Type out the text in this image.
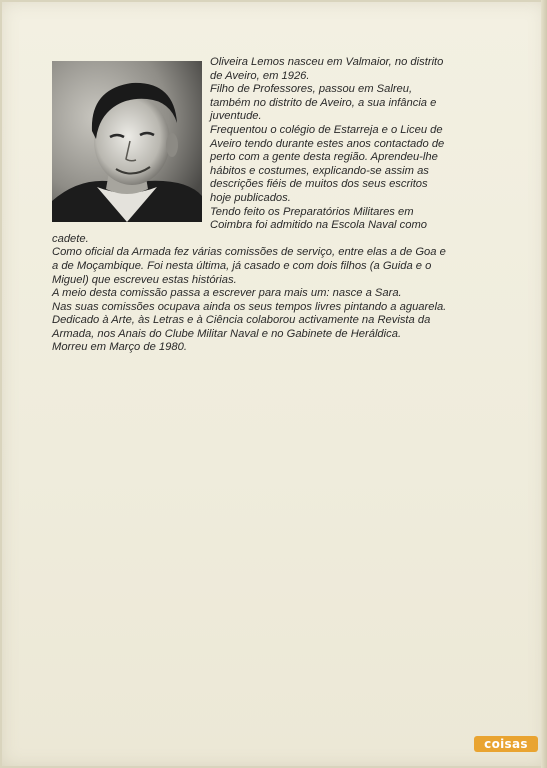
Oliveira Lemos nasceu em Valmaior, no distrito de Aveiro, em 1926.

Filho de Professores, passou em Salreu, também no distrito de Aveiro, a sua infância e juventude.

Frequentou o colégio de Estarreja e o Liceu de Aveiro tendo durante estes anos contactado de perto com a gente desta região. Aprendeu-lhe hábitos e costumes, explicando-se assim as descrições fiéis de muitos dos seus escritos hoje publicados.

Tendo feito os Preparatórios Militares em Coimbra foi admitido na Escola Naval como cadete.

Como oficial da Armada fez várias comissões de serviço, entre elas a de Goa e a de Moçambique. Foi nesta última, já casado e com dois filhos (a Guida e o Miguel) que escreveu estas histórias.

A meio desta comissão passa a escrever para mais um: nasce a Sara.

Nas suas comissões ocupava ainda os seus tempos livres pintando a aguarela.

Dedicado à Arte, às Letras e à Ciência colaborou activamente na Revista da Armada, nos Anais do Clube Militar Naval e no Gabinete de Heráldica.

Morreu em Março de 1980.

coisas
